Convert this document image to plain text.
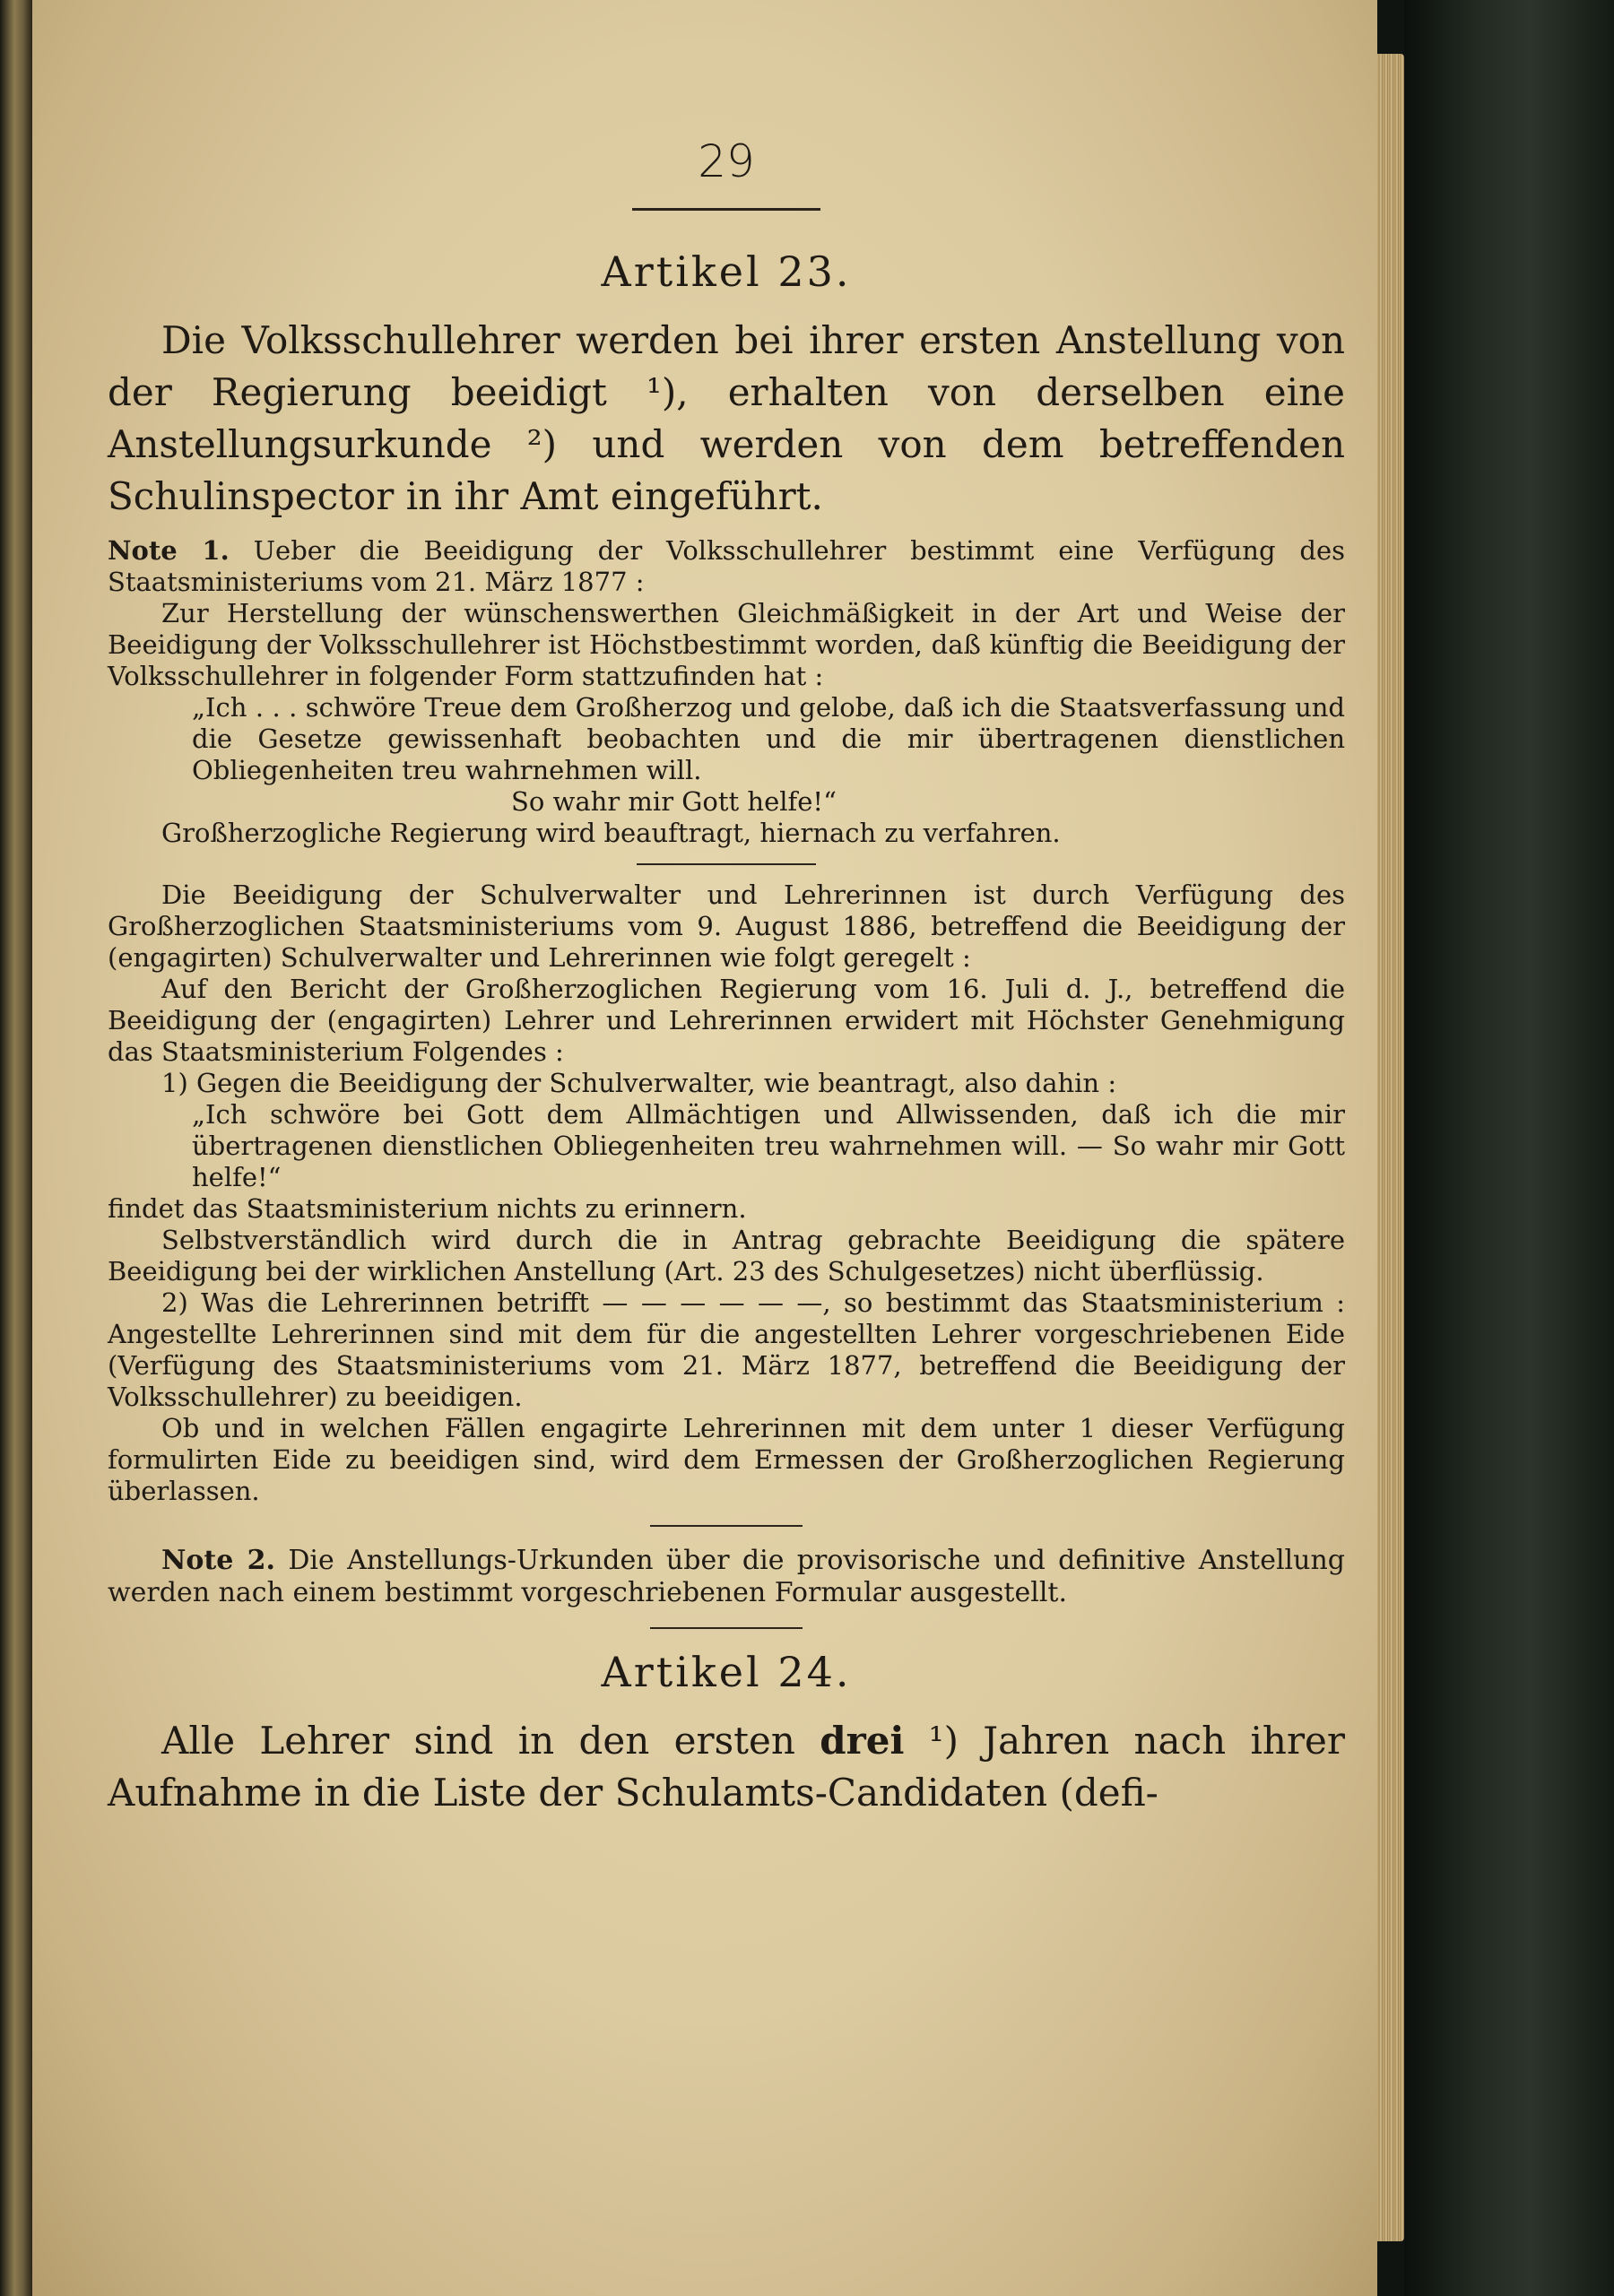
29
Artikel 23.

Die Volksschullehrer werden bei ihrer ersten Anstellung von der Regierung beeidigt ¹), erhalten von derselben eine Anstellungsurkunde ²) und werden von dem betreffenden Schulinspector in ihr Amt eingeführt.

Note 1. Ueber die Beeidigung der Volksschullehrer bestimmt eine Verfügung des Staatsministeriums vom 21. März 1877 :

Zur Herstellung der wünschenswerthen Gleichmäßigkeit in der Art und Weise der Beeidigung der Volksschullehrer ist Höchstbestimmt worden, daß künftig die Beeidigung der Volksschullehrer in folgender Form stattzufinden hat :

„Ich . . . schwöre Treue dem Großherzog und gelobe, daß ich die Staatsverfassung und die Gesetze gewissenhaft beobachten und die mir übertragenen dienstlichen Obliegenheiten treu wahrnehmen will.

So wahr mir Gott helfe!“

Großherzogliche Regierung wird beauftragt, hiernach zu verfahren.

Die Beeidigung der Schulverwalter und Lehrerinnen ist durch Verfügung des Großherzoglichen Staatsministeriums vom 9. August 1886, betreffend die Beeidigung der (engagirten) Schulverwalter und Lehrerinnen wie folgt geregelt :

Auf den Bericht der Großherzoglichen Regierung vom 16. Juli d. J., betreffend die Beeidigung der (engagirten) Lehrer und Lehrerinnen erwidert mit Höchster Genehmigung das Staatsministerium Folgendes :

1) Gegen die Beeidigung der Schulverwalter, wie beantragt, also dahin :

„Ich schwöre bei Gott dem Allmächtigen und Allwissenden, daß ich die mir übertragenen dienstlichen Obliegenheiten treu wahrnehmen will. — So wahr mir Gott helfe!“

findet das Staatsministerium nichts zu erinnern.

Selbstverständlich wird durch die in Antrag gebrachte Beeidigung die spätere Beeidigung bei der wirklichen Anstellung (Art. 23 des Schulgesetzes) nicht überflüssig.

2) Was die Lehrerinnen betrifft — — — — — —, so bestimmt das Staatsministerium : Angestellte Lehrerinnen sind mit dem für die angestellten Lehrer vorgeschriebenen Eide (Verfügung des Staatsministeriums vom 21. März 1877, betreffend die Beeidigung der Volksschullehrer) zu beeidigen.

Ob und in welchen Fällen engagirte Lehrerinnen mit dem unter 1 dieser Verfügung formulirten Eide zu beeidigen sind, wird dem Ermessen der Großherzoglichen Regierung überlassen.

Note 2. Die Anstellungs-Urkunden über die provisorische und definitive Anstellung werden nach einem bestimmt vorgeschriebenen Formular ausgestellt.

Artikel 24.

Alle Lehrer sind in den ersten drei ¹) Jahren nach ihrer Aufnahme in die Liste der Schulamts-Candidaten (defi-
